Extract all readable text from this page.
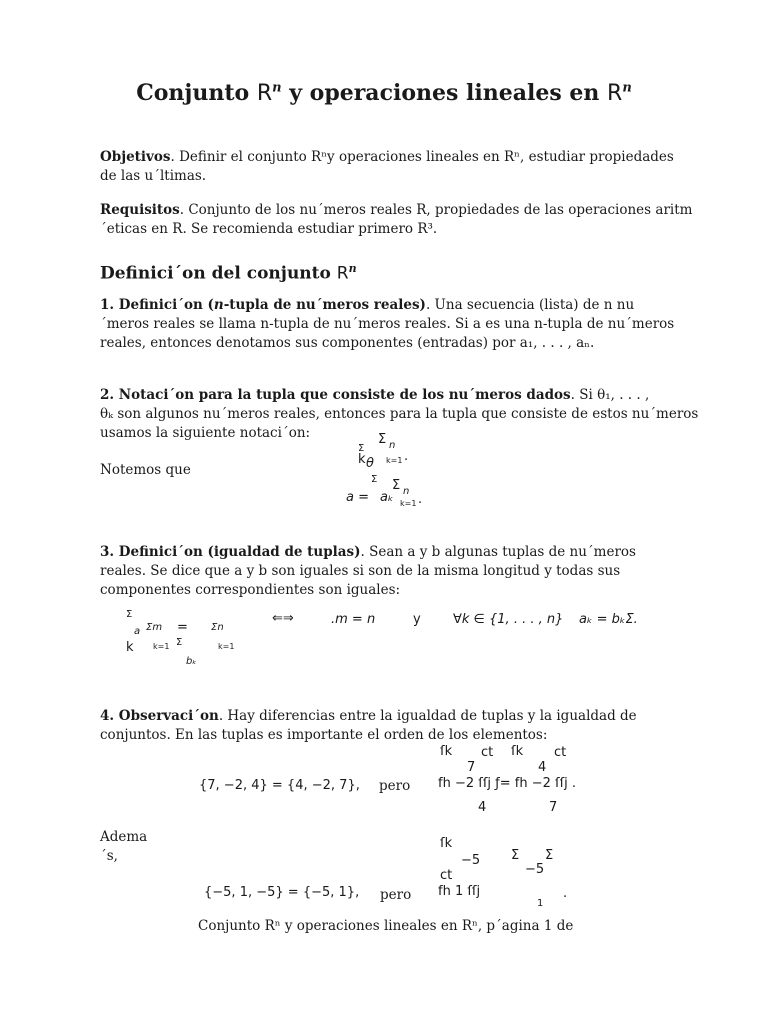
Conjunto $R^n$ y operaciones lineales en $R^n$
Objetivos. Definir el conjunto Rⁿy operaciones lineales en Rⁿ, estudiar propiedades
de las u´ltimas.
Requisitos. Conjunto de los nu´meros reales R, propiedades de las operaciones aritm
´eticas en R. Se recomienda estudiar primero R³.
Definici´on del conjunto $R^n$
1. Definici´on (n-tupla de nu´meros reales). Una secuencia (lista) de n nu
´meros reales se llama n-tupla de nu´meros reales. Si a es una n-tupla de nu´meros
reales, entonces denotamos sus componentes (entradas) por a₁, . . . , aₙ.
2. Notaci´on para la tupla que consiste de los nu´meros dados. Si θ₁, . . . ,
θₖ son algunos nu´meros reales, entonces para la tupla que consiste de estos nu´meros
usamos la siguiente notaci´on:
Notemos que
Σ
Σ n
k θ k=1 .
Σ
a = aₖ
Σ n
k=1 .
3. Definici´on (igualdad de tuplas). Sean a y b algunas tuplas de nu´meros
reales. Se dice que a y b son iguales si son de la misma longitud y todas sus
componentes correspondientes son iguales:
Σ
a Σm = Σn
k k=1 Σ	k=1
bₖ
⇐⇒	.m = n	y ∀k ∈ {1, . . . , n} aₖ = bₖΣ.
4. Observaci´on. Hay diferencias entre la igualdad de tuplas y la igualdad de
conjuntos. En las tuplas es importante el orden de los elementos:
{7, −2, 4} = {4, −2, 7}, pero
ſk ct ſk ct
7	4
fh −2 ſſj ƒ= fh −2 ſſj .
4	7
Adema
´s,
ſk
−5 Σ Σ
−5
ct
{−5, 1, −5} = {−5, 1}, pero fh 1 ſſj
1
.
Conjunto Rⁿ y operaciones lineales en Rⁿ, p´agina 1 de
